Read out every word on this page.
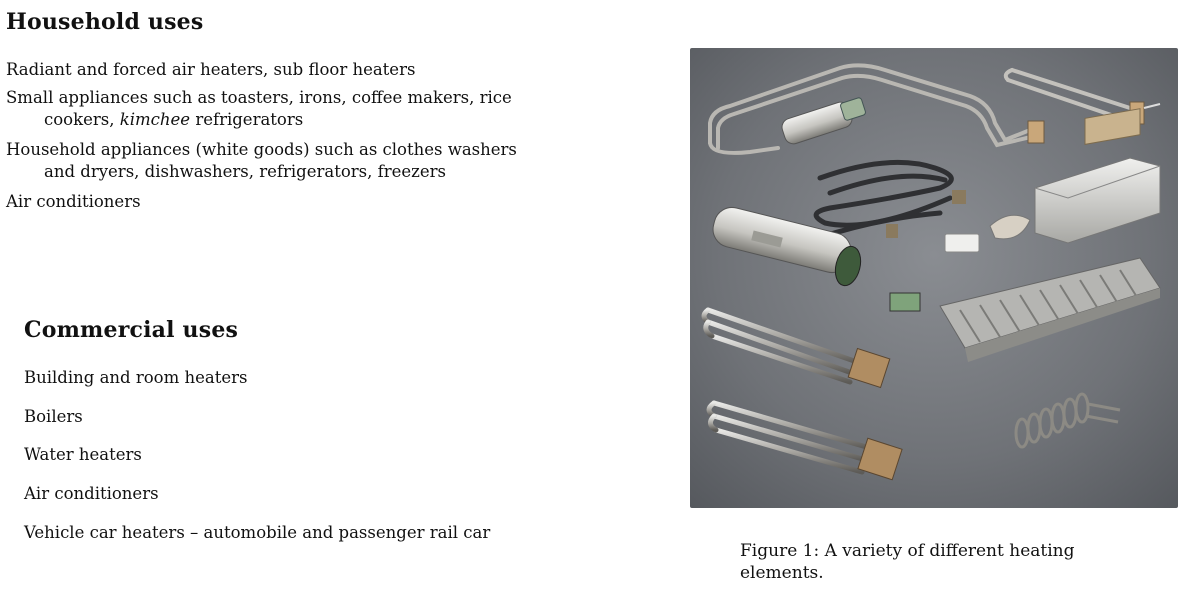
Household uses
Radiant and forced air heaters, sub floor heaters
Small appliances such as toasters, irons, coffee makers, rice cookers, kimchee refrigerators
Household appliances (white goods) such as clothes washers and dryers, dishwashers, refrigerators, freezers
Air conditioners
Commercial uses
Building and room heaters
Boilers
Water heaters
Air conditioners
Vehicle car heaters – automobile and passenger rail car

Figure 1: A variety of different heating elements.
